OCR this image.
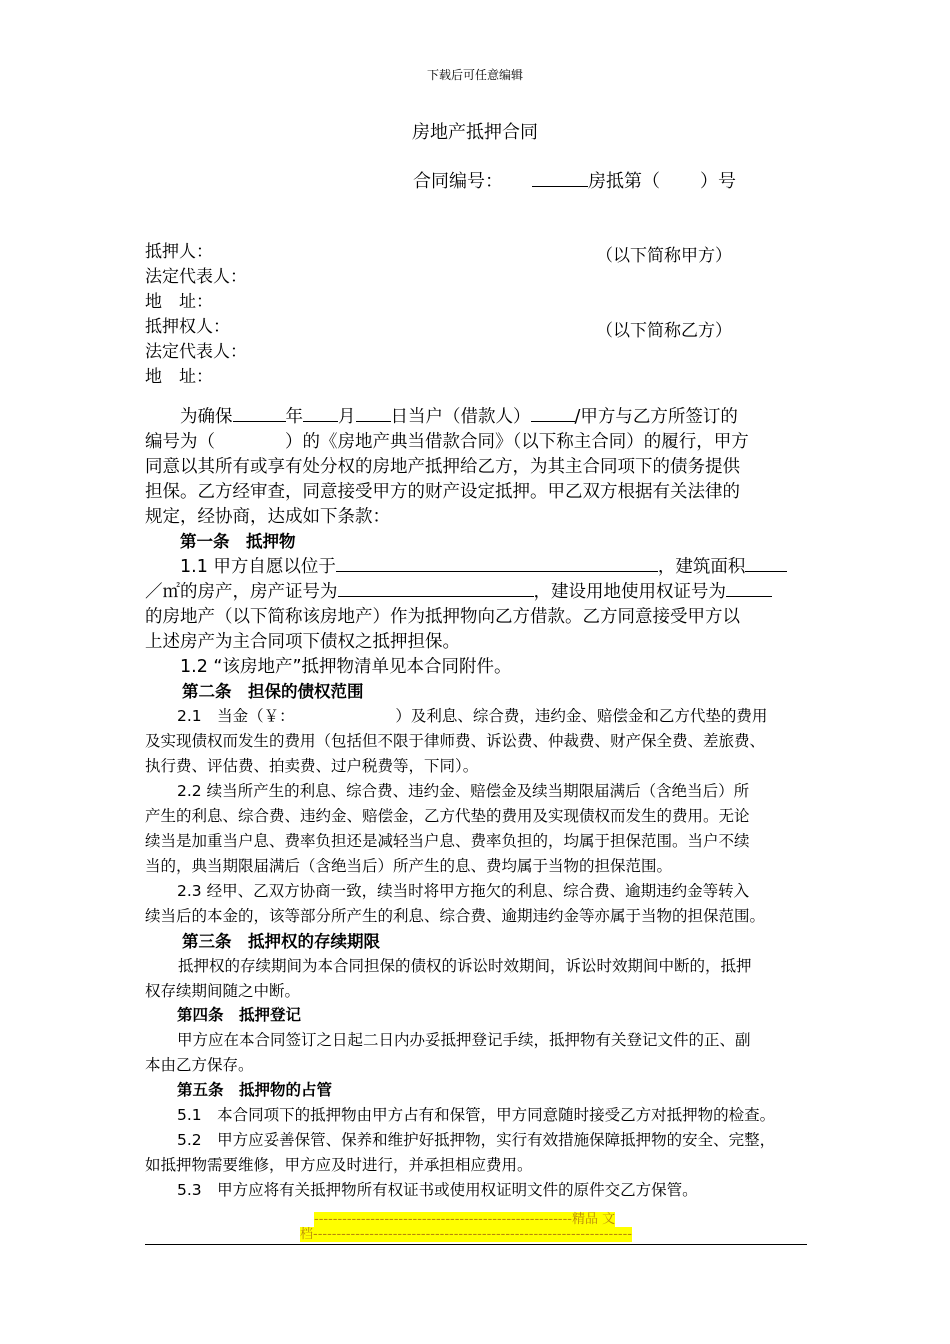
下载后可任意编辑
房地产抵押合同
合同编号：	房抵第（ ）号
抵押人：	（以下简称甲方）
法定代表人：
地　址：
抵押权人：	（以下简称乙方）
法定代表人：
地　址：
为确保	年 月 日当户（借款人）	/甲方与乙方所签订的
编号为（　　　　）的《房地产典当借款合同》（以下称主合同）的履行，甲方
同意以其所有或享有处分权的房地产抵押给乙方，为其主合同项下的债务提供
担保。乙方经审查，同意接受甲方的财产设定抵押。甲乙双方根据有关法律的
规定，经协商，达成如下条款：
第一条　抵押物
1.1 甲方自愿以位于	，建筑面积
／㎡的房产，房产证号为	，建设用地使用权证号为
的房地产（以下简称该房地产）作为抵押物向乙方借款。乙方同意接受甲方以
上述房产为主合同项下债权之抵押担保。
1.2 “该房地产”抵押物清单见本合同附件。
第二条　担保的债权范围
2.1　当金（￥：　　　　　　　）及利息、综合费，违约金、赔偿金和乙方代垫的费用
及实现债权而发生的费用（包括但不限于律师费、诉讼费、仲裁费、财产保全费、差旅费、
执行费、评估费、拍卖费、过户税费等，下同）。
2.2 续当所产生的利息、综合费、违约金、赔偿金及续当期限届满后（含绝当后）所
产生的利息、综合费、违约金、赔偿金，乙方代垫的费用及实现债权而发生的费用。无论
续当是加重当户息、费率负担还是减轻当户息、费率负担的，均属于担保范围。当户不续
当的，典当期限届满后（含绝当后）所产生的息、费均属于当物的担保范围。
2.3 经甲、乙双方协商一致，续当时将甲方拖欠的利息、综合费、逾期违约金等转入
续当后的本金的，该等部分所产生的利息、综合费、逾期违约金等亦属于当物的担保范围。
第三条　抵押权的存续期限
抵押权的存续期间为本合同担保的债权的诉讼时效期间，诉讼时效期间中断的，抵押
权存续期间随之中断。
第四条　抵押登记
甲方应在本合同签订之日起二日内办妥抵押登记手续，抵押物有关登记文件的正、副
本由乙方保存。
第五条　抵押物的占管
5.1　本合同项下的抵押物由甲方占有和保管，甲方同意随时接受乙方对抵押物的检查。
5.2　甲方应妥善保管、保养和维护好抵押物，实行有效措施保障抵押物的安全、完整，
如抵押物需要维修，甲方应及时进行，并承担相应费用。
5.3　甲方应将有关抵押物所有权证书或使用权证明文件的原件交乙方保管。
-------------------------------------------------------精品 文
档--------------------------------------------------------------------
